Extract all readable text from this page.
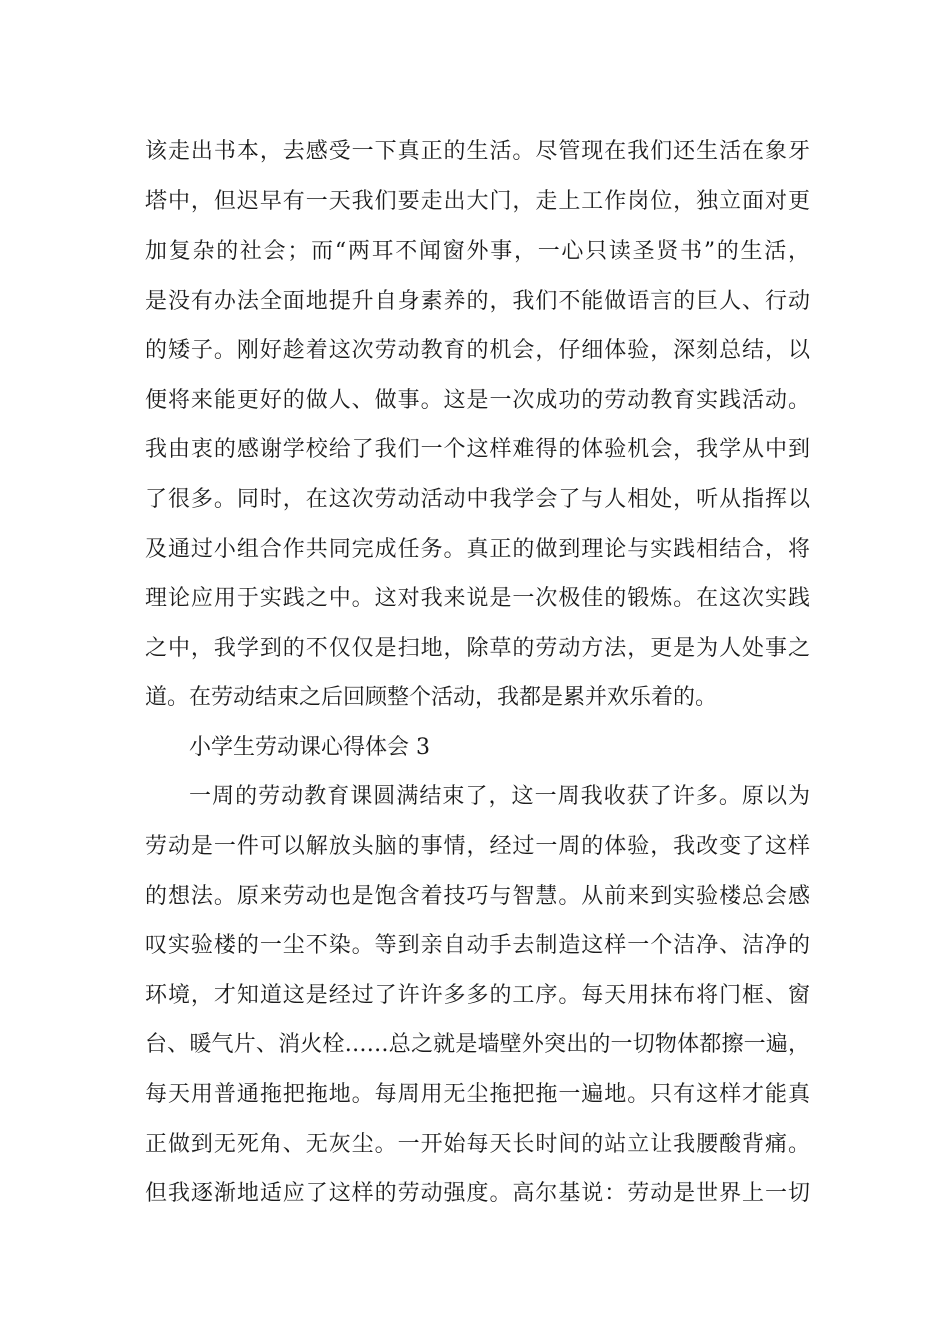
该走出书本，去感受一下真正的生活。尽管现在我们还生活在象牙
塔中，但迟早有一天我们要走出大门，走上工作岗位，独立面对更
加复杂的社会；而“两耳不闻窗外事，一心只读圣贤书”的生活，
是没有办法全面地提升自身素养的，我们不能做语言的巨人、行动
的矮子。刚好趁着这次劳动教育的机会，仔细体验，深刻总结，以
便将来能更好的做人、做事。这是一次成功的劳动教育实践活动。
我由衷的感谢学校给了我们一个这样难得的体验机会，我学从中到
了很多。同时，在这次劳动活动中我学会了与人相处，听从指挥以
及通过小组合作共同完成任务。真正的做到理论与实践相结合，将
理论应用于实践之中。这对我来说是一次极佳的锻炼。在这次实践
之中，我学到的不仅仅是扫地，除草的劳动方法，更是为人处事之
道。在劳动结束之后回顾整个活动，我都是累并欢乐着的。
小学生劳动课心得体会 3
一周的劳动教育课圆满结束了，这一周我收获了许多。原以为
劳动是一件可以解放头脑的事情，经过一周的体验，我改变了这样
的想法。原来劳动也是饱含着技巧与智慧。从前来到实验楼总会感
叹实验楼的一尘不染。等到亲自动手去制造这样一个洁净、洁净的
环境，才知道这是经过了许许多多的工序。每天用抹布将门框、窗
台、暖气片、消火栓……总之就是墙壁外突出的一切物体都擦一遍，
每天用普通拖把拖地。每周用无尘拖把拖一遍地。只有这样才能真
正做到无死角、无灰尘。一开始每天长时间的站立让我腰酸背痛。
但我逐渐地适应了这样的劳动强度。高尔基说：劳动是世界上一切
